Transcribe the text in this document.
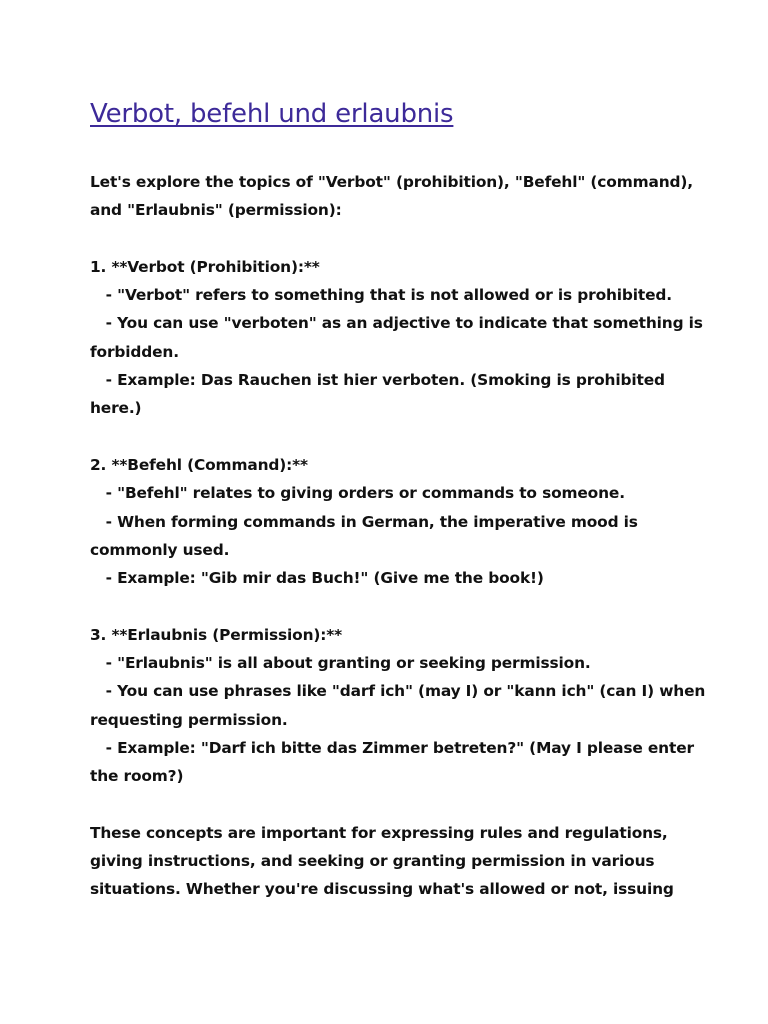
Verbot, befehl und erlaubnis
Let's explore the topics of "Verbot" (prohibition), "Befehl" (command),
and "Erlaubnis" (permission):
1. **Verbot (Prohibition):**
- "Verbot" refers to something that is not allowed or is prohibited.
- You can use "verboten" as an adjective to indicate that something is
forbidden.
- Example: Das Rauchen ist hier verboten. (Smoking is prohibited
here.)
2. **Befehl (Command):**
- "Befehl" relates to giving orders or commands to someone.
- When forming commands in German, the imperative mood is
commonly used.
- Example: "Gib mir das Buch!" (Give me the book!)
3. **Erlaubnis (Permission):**
- "Erlaubnis" is all about granting or seeking permission.
- You can use phrases like "darf ich" (may I) or "kann ich" (can I) when
requesting permission.
- Example: "Darf ich bitte das Zimmer betreten?" (May I please enter
the room?)
These concepts are important for expressing rules and regulations,
giving instructions, and seeking or granting permission in various
situations. Whether you're discussing what's allowed or not, issuing
